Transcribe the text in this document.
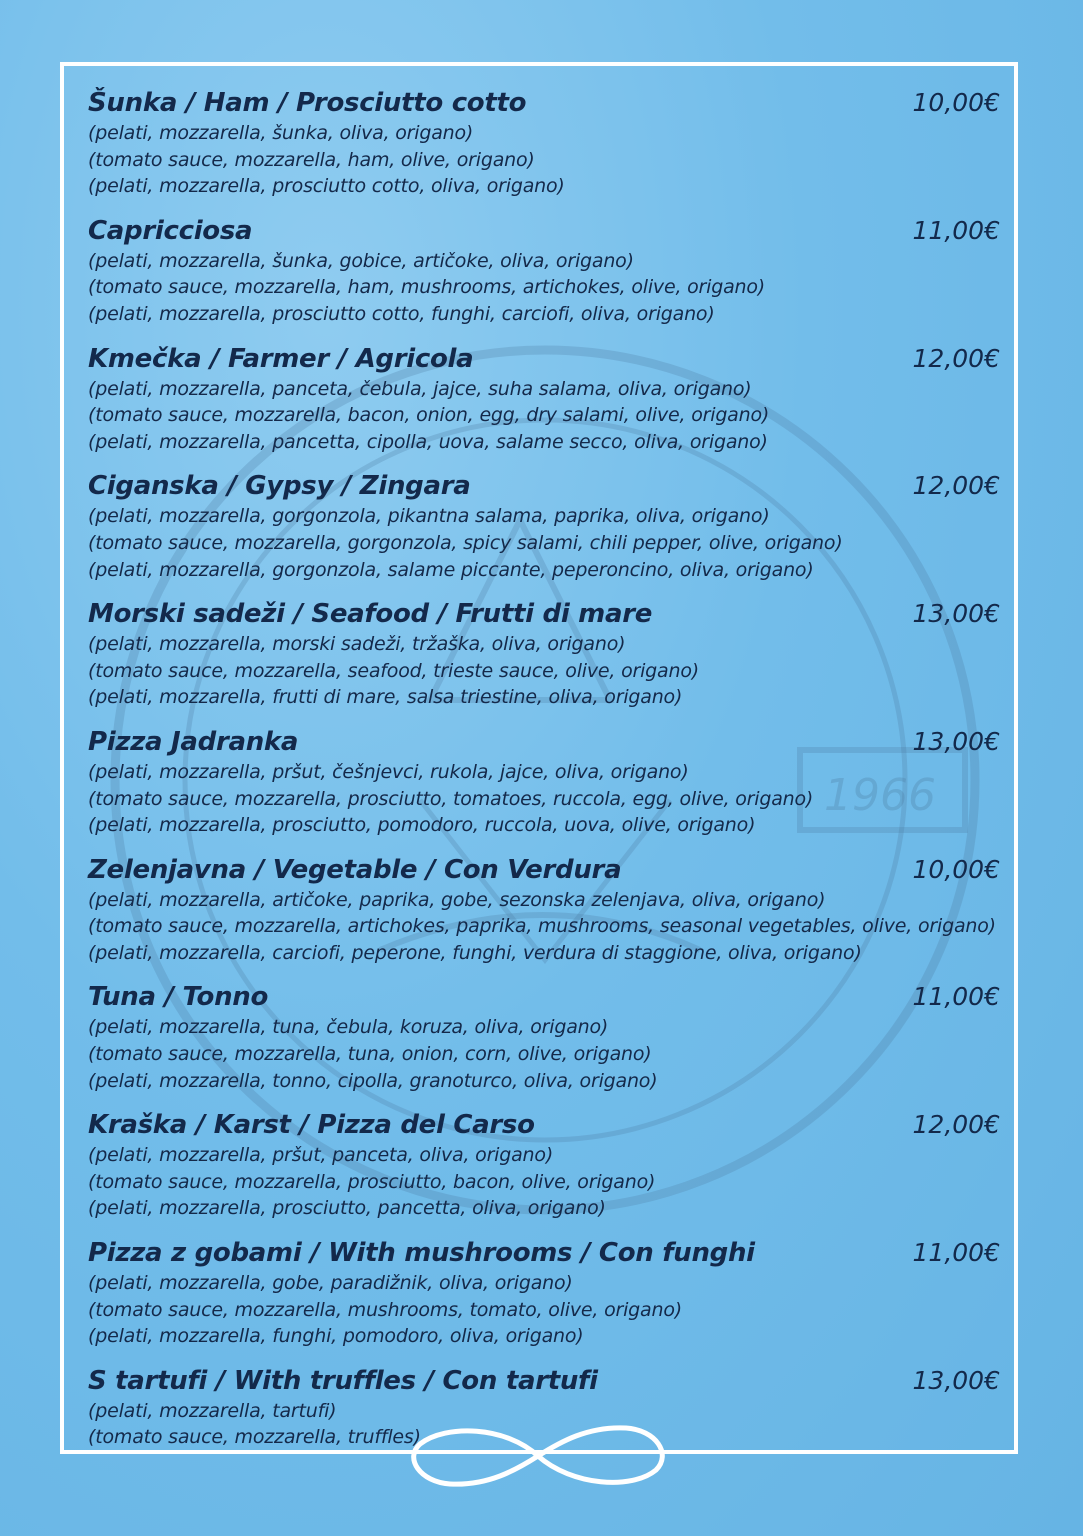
1966
Šunka / Ham / Prosciutto cotto	10,00€
(pelati, mozzarella, šunka, oliva, origano)
(tomato sauce, mozzarella, ham, olive, origano)
(pelati, mozzarella, prosciutto cotto, oliva, origano)
Capricciosa	11,00€
(pelati, mozzarella, šunka, gobice, artičoke, oliva, origano)
(tomato sauce, mozzarella, ham, mushrooms, artichokes, olive, origano)
(pelati, mozzarella, prosciutto cotto, funghi, carciofi, oliva, origano)
Kmečka / Farmer / Agricola	12,00€
(pelati, mozzarella, panceta, čebula, jajce, suha salama, oliva, origano)
(tomato sauce, mozzarella, bacon, onion, egg, dry salami, olive, origano)
(pelati, mozzarella, pancetta, cipolla, uova, salame secco, oliva, origano)
Ciganska / Gypsy / Zingara	12,00€
(pelati, mozzarella, gorgonzola, pikantna salama, paprika, oliva, origano)
(tomato sauce, mozzarella, gorgonzola, spicy salami, chili pepper, olive, origano)
(pelati, mozzarella, gorgonzola, salame piccante, peperoncino, oliva, origano)
Morski sadeži / Seafood / Frutti di mare	13,00€
(pelati, mozzarella, morski sadeži, tržaška, oliva, origano)
(tomato sauce, mozzarella, seafood, trieste sauce, olive, origano)
(pelati, mozzarella, frutti di mare, salsa triestine, oliva, origano)
Pizza Jadranka	13,00€
(pelati, mozzarella, pršut, češnjevci, rukola, jajce, oliva, origano)
(tomato sauce, mozzarella, prosciutto, tomatoes, ruccola, egg, olive, origano)
(pelati, mozzarella, prosciutto, pomodoro, ruccola, uova, olive, origano)
Zelenjavna / Vegetable / Con Verdura	10,00€
(pelati, mozzarella, artičoke, paprika, gobe, sezonska zelenjava, oliva, origano)
(tomato sauce, mozzarella, artichokes, paprika, mushrooms, seasonal vegetables, olive, origano)
(pelati, mozzarella, carciofi, peperone, funghi, verdura di staggione, oliva, origano)
Tuna / Tonno	11,00€
(pelati, mozzarella, tuna, čebula, koruza, oliva, origano)
(tomato sauce, mozzarella, tuna, onion, corn, olive, origano)
(pelati, mozzarella, tonno, cipolla, granoturco, oliva, origano)
Kraška / Karst / Pizza del Carso	12,00€
(pelati, mozzarella, pršut, panceta, oliva, origano)
(tomato sauce, mozzarella, prosciutto, bacon, olive, origano)
(pelati, mozzarella, prosciutto, pancetta, oliva, origano)
Pizza z gobami / With mushrooms / Con funghi	11,00€
(pelati, mozzarella, gobe, paradižnik, oliva, origano)
(tomato sauce, mozzarella, mushrooms, tomato, olive, origano)
(pelati, mozzarella, funghi, pomodoro, oliva, origano)
S tartufi / With truffles / Con tartufi	13,00€
(pelati, mozzarella, tartufi)
(tomato sauce, mozzarella, truffles)
